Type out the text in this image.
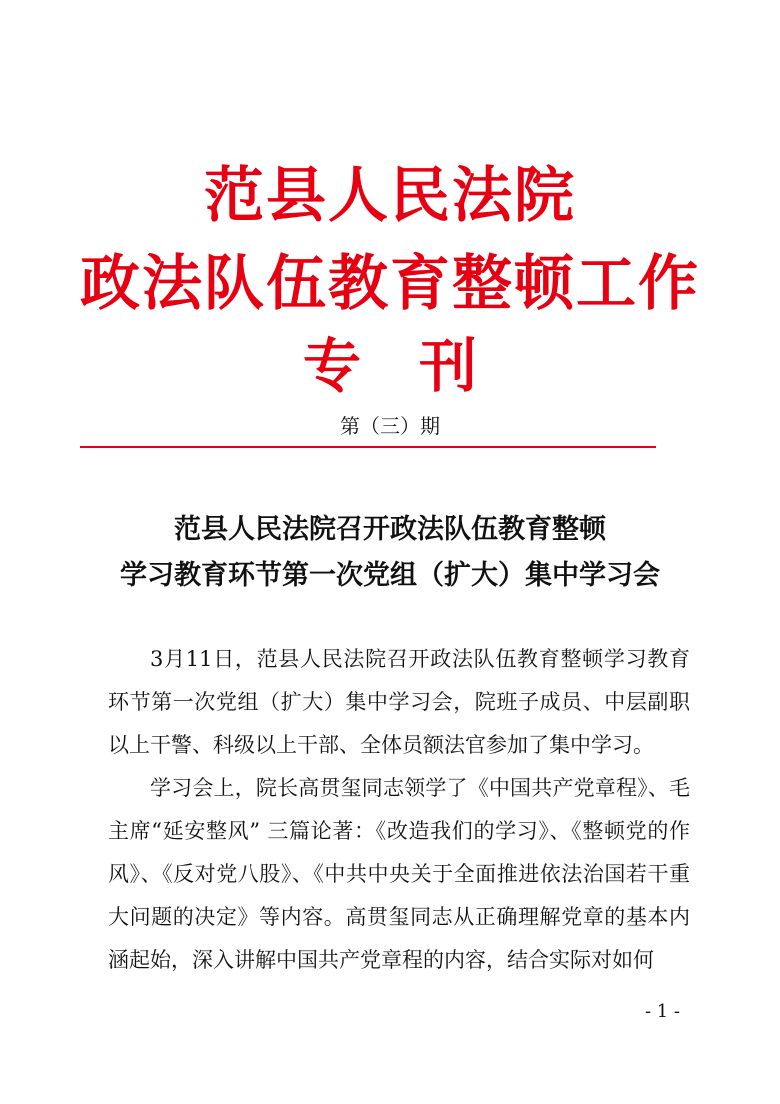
范县人民法院
政法队伍教育整顿工作
专刊
第（三）期
范县人民法院召开政法队伍教育整顿
学习教育环节第一次党组（扩大）集中学习会

3月11日，范县人民法院召开政法队伍教育整顿学习教育环节第一次党组（扩大）集中学习会，院班子成员、中层副职以上干警、科级以上干部、全体员额法官参加了集中学习。

学习会上，院长高贯玺同志领学了《中国共产党章程》、毛主席“延安整风” 三篇论著：《改造我们的学习》、《整顿党的作风》、《反对党八股》、《中共中央关于全面推进依法治国若干重大问题的决定》等内容。高贯玺同志从正确理解党章的基本内涵起始，深入讲解中国共产党章程的内容，结合实际对如何

- 1 -
